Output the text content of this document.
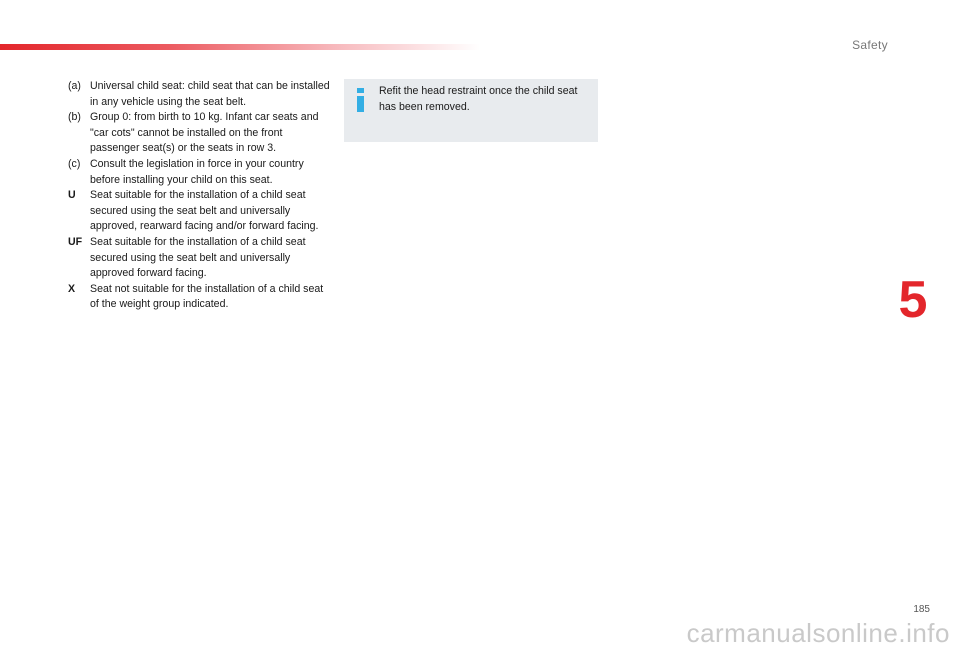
Safety
(a) Universal child seat: child seat that can be installed in any vehicle using the seat belt.
(b) Group 0: from birth to 10 kg. Infant car seats and "car cots" cannot be installed on the front passenger seat(s) or the seats in row 3.
(c) Consult the legislation in force in your country before installing your child on this seat.
U	Seat suitable for the installation of a child seat secured using the seat belt and universally approved, rearward facing and/or forward facing.
UF Seat suitable for the installation of a child seat secured using the seat belt and universally approved forward facing.
X	Seat not suitable for the installation of a child seat of the weight group indicated.
Refit the head restraint once the child seat has been removed.
5
185
carmanualsonline.info
